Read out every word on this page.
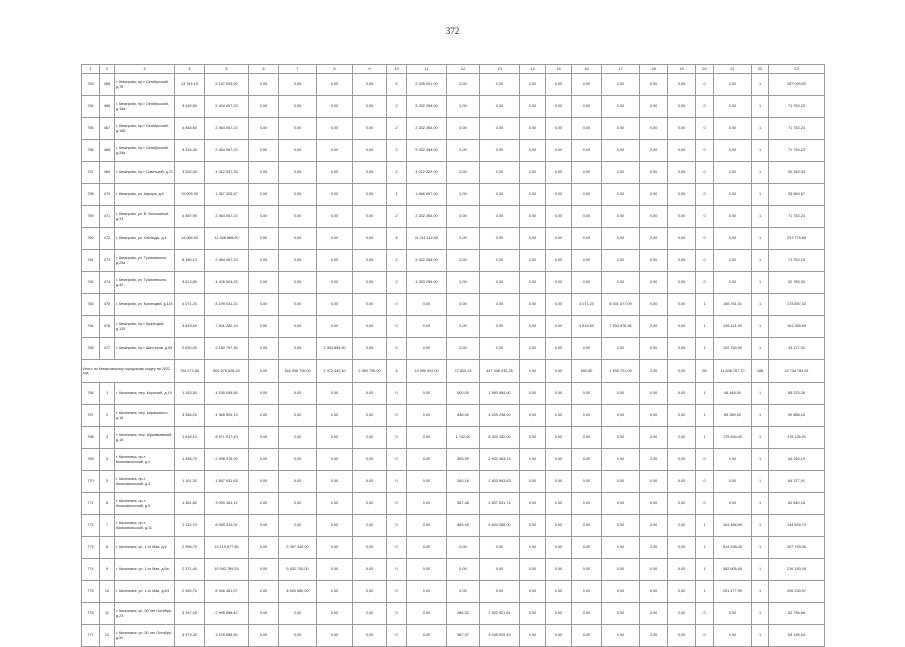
372
1	2	3	4	5	6	7	8	9	10	11	12	13	14	15	16	17	18	19	20	21	22	23
753	465	г. Кемерово, пр-т Октябрьский, д.78	13 744,10	5 197 093,92	0,00	0,00	0,00	0,00	5	5 035 001,00	0,00	0,00	0,00	0,00	0,00	0,00	0,00	0,00	0	0,00	1	157 093,92
754	466	г. Кемерово, пр-т Октябрьский, д.18а	5 045,50	5 404 607,23	0,00	0,00	0,00	0,00	2	5 332 354,00	0,00	0,00	0,00	0,00	0,00	0,00	0,00	0,00	0	0,00	1	71 753,23
755	467	г. Кемерово, пр-т Октябрьский, д.18б	4 848,60	2 464 067,23	0,00	0,00	0,00	0,00	2	2 332 354,00	0,00	0,00	0,00	0,00	0,00	0,00	0,00	0,00	0	0,00	1	71 753,23
756	468	г. Кемерово, пр-т Октябрьский, д.28а	5 316,30	2 464 067,23	0,00	0,00	0,00	0,00	2	5 332 354,00	0,00	0,00	0,00	0,00	0,00	0,00	0,00	0,00	0	0,00	1	71 753,23
757	469	г. Кемерово, пр-т Советский, д.71	9 252,30	4 312 537,33	0,00	0,00	0,00	0,00	2	4 222 222,00	0,00	0,00	0,00	0,00	0,00	0,00	0,00	0,00	0	0,00	1	90 315,33
758	470	г. Кемерово, ул. Аврора, д.6	19 905,30	1 557 325,67	0,00	0,00	0,00	0,00	1	1 666 667,00	0,00	0,00	0,00	0,00	0,00	0,00	0,00	0,00	0	0,00	1	35 569,67
759	471	г. Кемерово, ул. В. Волошиной, д.33	4 587,90	2 464 067,23	0,00	0,00	0,00	0,00	2	2 332 354,00	0,00	0,00	0,00	0,00	0,00	0,00	0,00	0,00	0	0,00	1	71 753,23
760	472	г. Кемерово, ул. Свободы, д.4	14 066,50	11 348 888,00	0,00	0,00	0,00	0,00	6	11 111 112,00	0,00	0,00	0,00	0,00	0,00	0,00	0,00	0,00	0	0,00	1	237 775,80
761	473	г. Кемерово, ул. Тухачевского, д.25а	8 180,10	2 464 067,23	0,00	0,00	0,00	0,00	2	5 332 354,00	0,00	0,00	0,00	0,00	0,00	0,00	0,00	0,00	0	0,00	1	71 753,23
762	474	г. Кемерово, ул. Тухачевского, д.49	5 513,80	4 426 004,33	0,00	0,00	0,00	0,00	2	4 333 259,00	0,00	0,00	0,00	0,00	0,00	0,00	0,00	0,00	0	0,00	1	92 755,33
763	475	г. Кемерово, ул. Кузнецкий, д.118	4 071,20	8 199 031,22	0,00	0,00	0,00	0,00	0	0,00	0,00	0,00	0,00	0,00	4 071,20	8 031 477,09	0,00	0,00	1	156 761,01	1	173 887,02
764	476	г. Кемерово, пр-т Кузнецкий, д.130	3 819,50	7 841 282,19	0,00	0,00	0,00	0,00	0	0,00	0,00	0,00	0,00	0,00	3 819,50	7 534 876,36	0,00	0,00	1	145 141,00	1	161 265,89
765	477	г. Кемерово, пр-т Шахтеров, д.59	2 630,00	2 180 797,36	0,00	0,00	2 054 859,90	0,00	0	0,00	0,00	0,00	0,00	0,00	0,00	0,00	0,00	0,00	1	102 760,90	1	43 117,34
Итого по Кемеровскому городскому округу на 2022 год			704 272,80	862 578 628,49	0,00	154 398 700,00	2 372 442,40	2 359 790,00	6	19 990 002,00	72 500,13	447 046 032,26	0,00	0,00	690,50	1 539 721,09	0,00	0,00	56	11 648 767,70	188	12 734 784,91
766	1	г. Киселевск, пер. Короткий, д.19	1 163,50	4 155 045,56	0,00	0,00	0,00	0,00	0	0,00	600,00	1 983 984,60	0,00	0,00	0,00	0,00	0,00	0,00	1	46 448,00	1	85 375,26
767	2	г. Киселевск, пер. Каракеского, д.16	3 366,20	4 365 594,13	0,00	0,00	0,00	0,00	0	0,00	836,00	4 209 248,00	0,00	0,00	0,00	0,00	0,00	0,00	1	65 289,00	1	90 858,16
768	3	г. Киселевск, пер. Муравьевский, д.16	2 616,10	8 671 917,43	0,00	0,00	0,00	0,00	0	0,00	1 742,00	8 324 152,00	0,00	0,00	0,00	0,00	0,00	0,00	1	175 640,00	1	178 135,91
769	4	г. Киселевск, пр-т Комсомольский, д.1	1 358,70	2 998 375,26	0,00	0,00	0,00	0,00	0	0,00	593,99	2 932 463,13	0,00	0,00	0,00	0,00	0,00	0,00	0	0,00	1	64 916,19
770	5	г. Киселевск, пр-т Комсомольский, д.3	1 161,30	1 667 931,63	0,00	0,00	0,00	0,00	0	0,00	540,16	1 603 963,63	0,00	0,00	0,00	0,00	0,00	0,00	0	0,00	1	64 377,91
771	6	г. Киселевск, пр-т Комсомольский, д.9	1 361,80	3 090 181,12	0,00	0,00	0,00	0,00	0	0,00	567,48	2 837 541,74	0,00	0,00	0,00	0,00	0,00	0,00	0	0,00	1	62 640,18
772	7	г. Киселевск, пр-т Комсомольский, д.11	2 112,70	6 090 314,01	0,00	0,00	0,00	0,00	0	0,00	883,00	5 834 268,00	0,00	0,00	0,00	0,00	0,00	0,00	1	161 486,00	1	134 629,74
773	8	г. Киселевск, ул. 1-го Мая, д.5	2 955,70	10 119 677,96	0,00	9 397 040,00	0,00	0,00	0	0,00	0,00	0,00	0,00	0,00	0,00	0,00	0,00	0,00	1	514 938,40	1	207 759,06
774	9	г. Киселевск, ул. 1-го Мая, д.5а	2 371,40	10 092 789,29	0,00	9 432 700,00	0,00	0,00	0	0,00	0,00	0,00	0,00	0,00	0,00	0,00	0,00	0,00	1	582 905,40	1	216 183,49
775	10	г. Киселевск, ул. 1-го Мая, д.6/1	2 354,70	8 946 461,07	0,00	8 543 680,00	0,00	0,00	0	0,00	0,00	0,00	0,00	0,00	0,00	0,00	0,00	0,00	1	201 477,90	1	206 234,97
776	11	г. Киселевск, ул. 50 лет Октября, д.23	3 167,00	2 995 658,42	0,00	0,00	0,00	0,00	0	0,00	586,52	2 932 921,81	0,00	0,00	0,00	0,00	0,00	0,00	0	0,00	1	62 736,66
777	12	г. Киселевск, ул. 50 лет Октября, д.50	3 379,30	3 109 668,59	0,00	0,00	0,00	0,00	0	0,00	587,97	3 045 929,49	0,00	0,00	0,00	0,00	0,00	0,00	0	0,00	1	63 139,04
